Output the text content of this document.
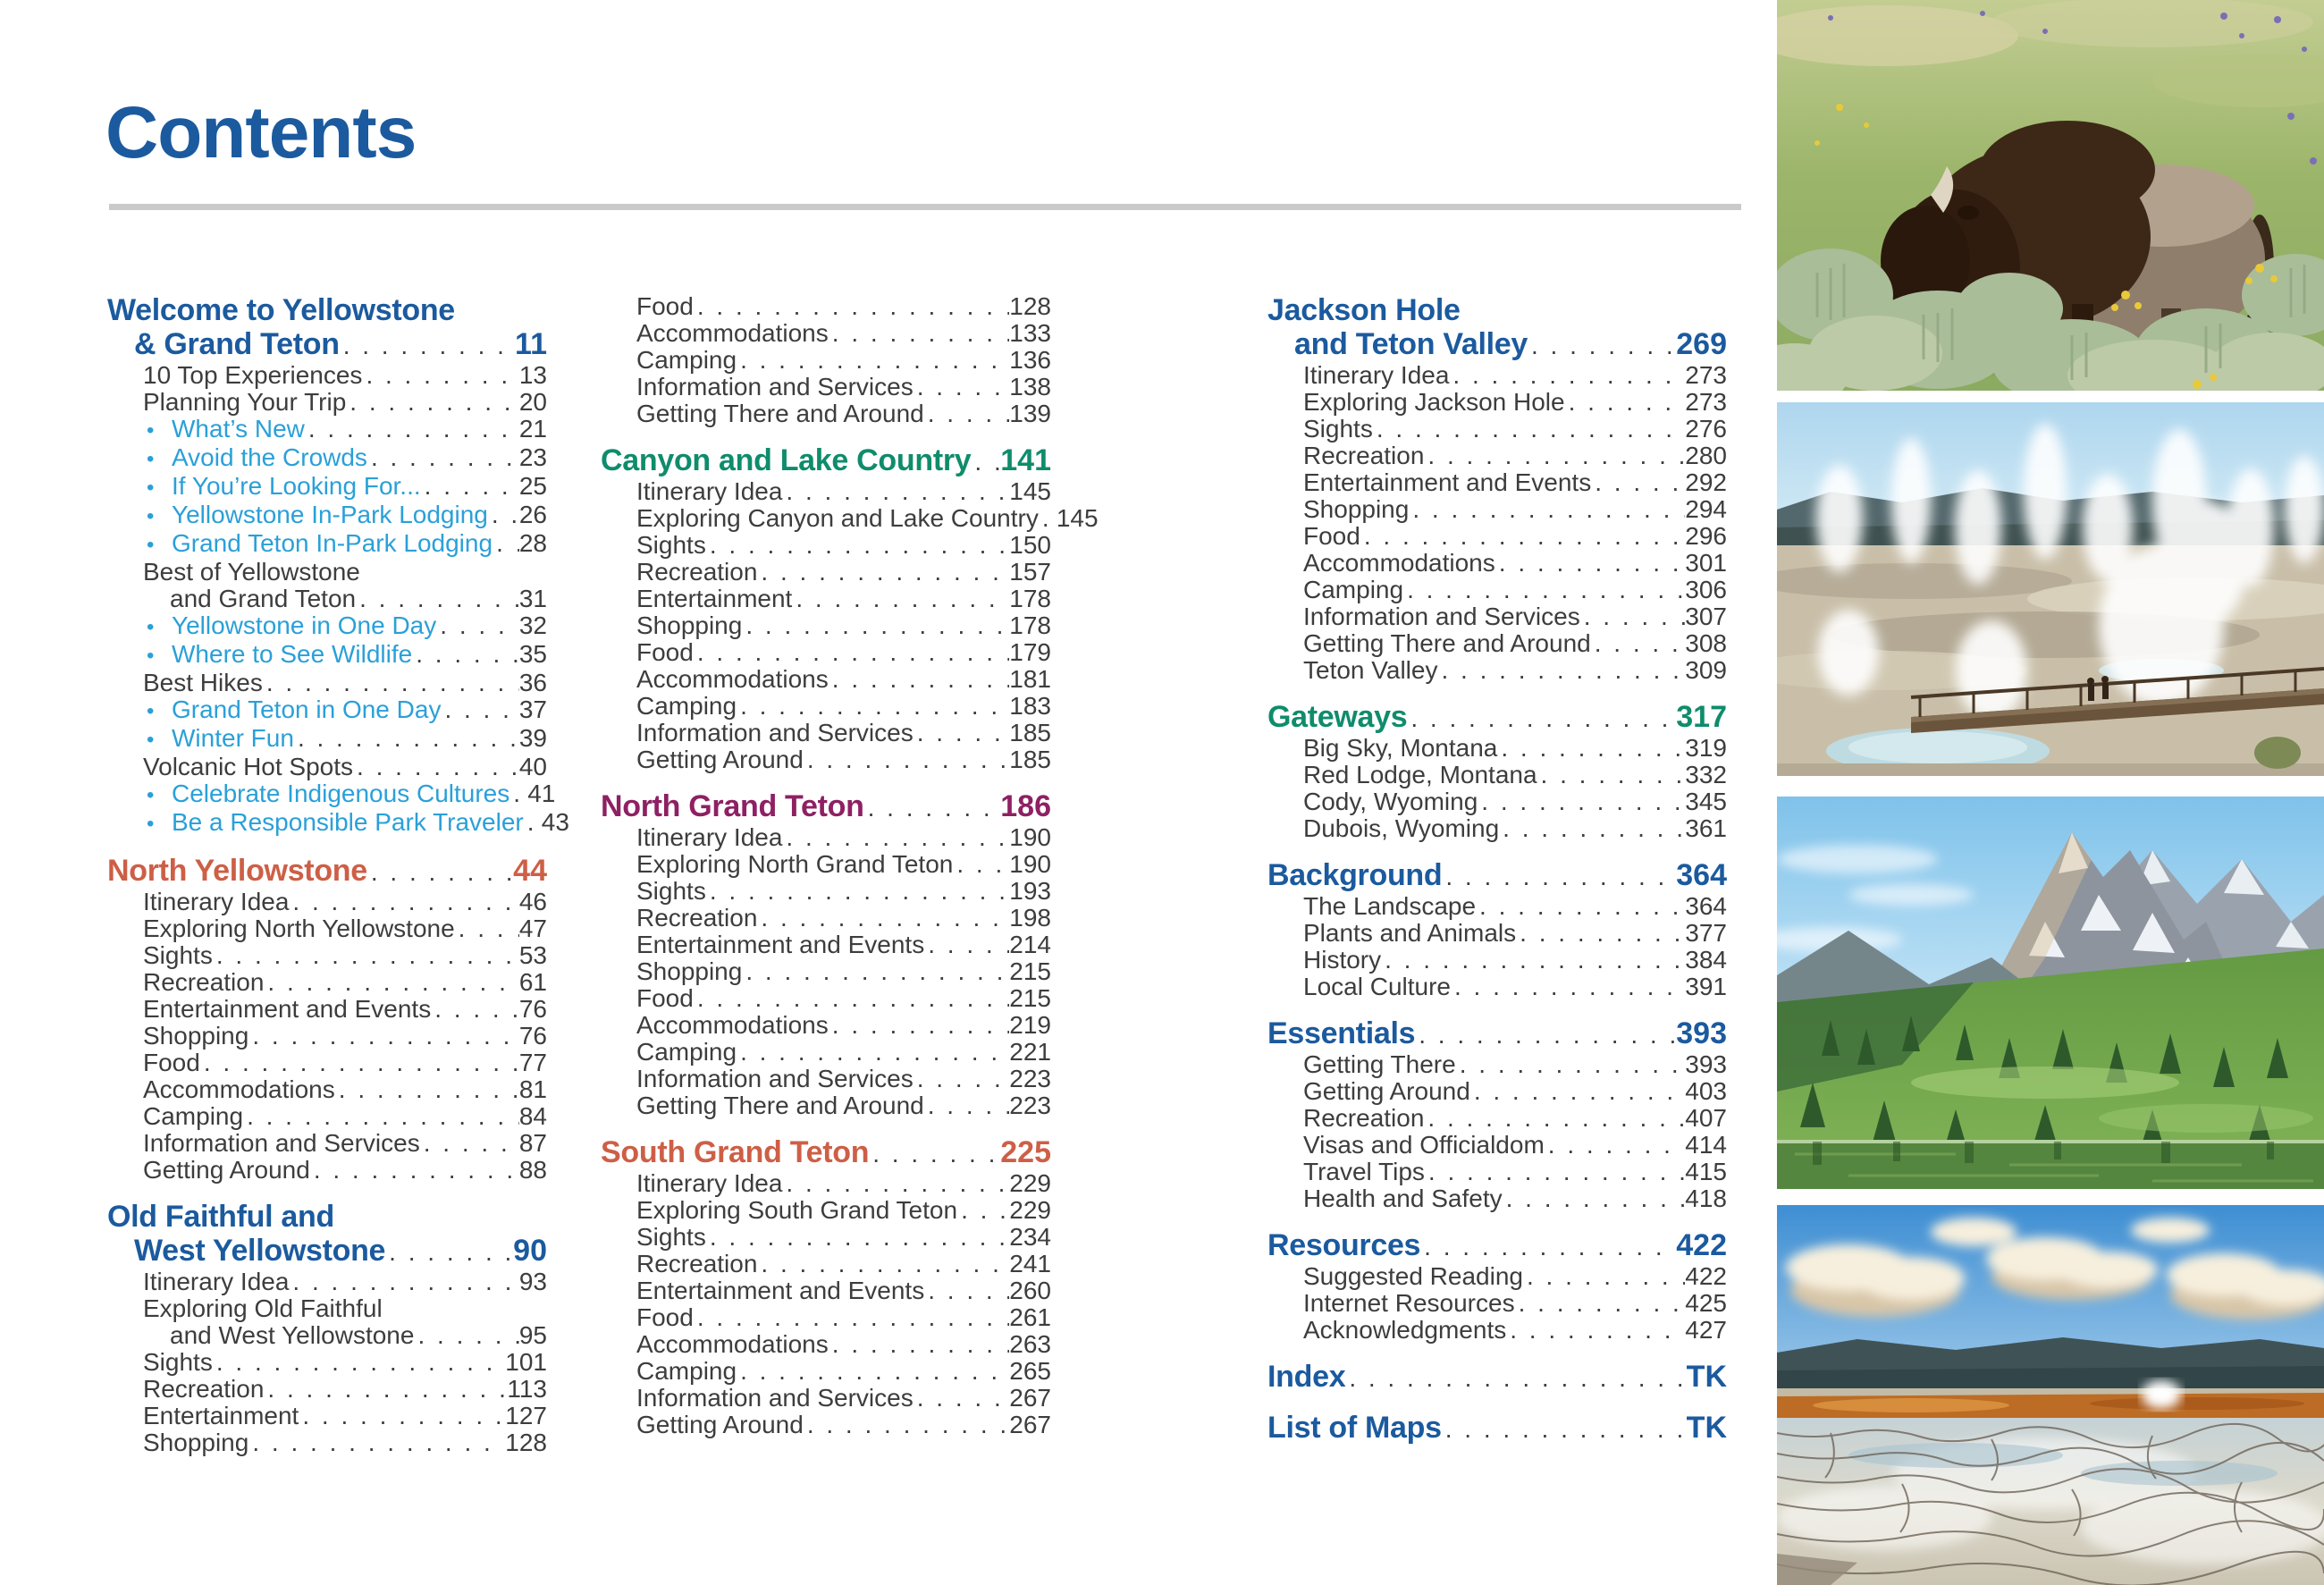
Contents
Welcome to Yellowstone
& Grand Teton . . .	11
10 Top Experiences . . .	13
Planning Your Trip . . .	20
• What’s New . . .	21
• Avoid the Crowds . . .	23
• If You’re Looking For... . . .	25
• Yellowstone In-Park Lodging . . . 26
• Grand Teton In-Park Lodging . . . 28
Best of Yellowstone
and Grand Teton . . .	31
• Yellowstone in One Day . . .	32
• Where to See Wildlife . . .	35
Best Hikes . . .	36
• Grand Teton in One Day . . .	37
• Winter Fun . . .	39
Volcanic Hot Spots . . .	40
• Celebrate Indigenous Cultures . . . 41
• Be a Responsible Park Traveler . . . 43
North Yellowstone . . .	44
Itinerary Idea . . .	46
Exploring North Yellowstone . . .	47
Sights . . .	53
Recreation . . .	61
Entertainment and Events . . .	76
Shopping . . .	76
Food . . .	77
Accommodations . . .	81
Camping . . .	84
Information and Services . . .	87
Getting Around . . .	88
Old Faithful and
West Yellowstone . . .	90
Itinerary Idea . . .	93
Exploring Old Faithful
and West Yellowstone . . .	95
Sights . . .	101
Recreation . . .	113
Entertainment . . .	127
Shopping . . .	128
Food . . .	128
Accommodations . . .	133
Camping . . .	136
Information and Services . . .	138
Getting There and Around . . .	139
Canyon and Lake Country . . . 141
Itinerary Idea . . .	145
Exploring Canyon and Lake Country . . . 145
Sights . . .	150
Recreation . . .	157
Entertainment . . .	178
Shopping . . .	178
Food . . .	179
Accommodations . . .	181
Camping . . .	183
Information and Services . . .	185
Getting Around . . .	185
North Grand Teton . . .	186
Itinerary Idea . . .	190
Exploring North Grand Teton . . . 190
Sights . . .	193
Recreation . . .	198
Entertainment and Events . . .	214
Shopping . . .	215
Food . . .	215
Accommodations . . .	219
Camping . . .	221
Information and Services . . .	223
Getting There and Around . . .	223
South Grand Teton . . .	225
Itinerary Idea . . .	229
Exploring South Grand Teton . . . 229
Sights . . .	234
Recreation . . .	241
Entertainment and Events . . .	260
Food . . .	261
Accommodations . . .	263
Camping . . .	265
Information and Services . . .	267
Getting Around . . .	267
Jackson Hole
and Teton Valley . . .	269
Itinerary Idea . . .	273
Exploring Jackson Hole . . .	273
Sights . . .	276
Recreation . . .	280
Entertainment and Events . . .	292
Shopping . . .	294
Food . . .	296
Accommodations . . .	301
Camping . . .	306
Information and Services . . .	307
Getting There and Around . . .	308
Teton Valley . . .	309
Gateways . . .	317
Big Sky, Montana . . .	319
Red Lodge, Montana . . .	332
Cody, Wyoming . . .	345
Dubois, Wyoming . . .	361
Background . . .	364
The Landscape . . .	364
Plants and Animals . . .	377
History . . .	384
Local Culture . . .	391
Essentials . . .	393
Getting There . . .	393
Getting Around . . .	403
Recreation . . .	407
Visas and Officialdom . . .	414
Travel Tips . . .	415
Health and Safety . . .	418
Resources . . .	422
Suggested Reading . . .	422
Internet Resources . . .	425
Acknowledgments . . .	427
Index . . .	TK
List of Maps . . .	TK
